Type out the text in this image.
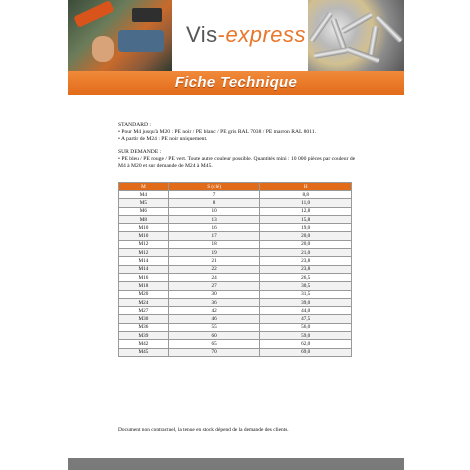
Vis-express
Fiche Technique

STANDARD :

• Pour M4 jusqu'à M20 : PE noir / PE blanc / PE gris RAL 7038 / PE marron RAL 8011.

• A partir de M24 : PE noir uniquement.

SUR DEMANDE :

• PE bleu / PE rouge / PE vert. Toute autre couleur possible. Quantités mini : 10 000 pièces par couleur de M4 à M20 et sur demande de M24 à M45.

M	S (clé)	H
M4	7	8,8
M5	8	11,0
M6	10	12,8
M8	13	15,8
M10	16	19,0
M10	17	20,0
M12	18	20,0
M12	19	21,0
M14	21	23,8
M14	22	23,8
M16	24	26,5
M18	27	30,5
M20	30	31,5
M24	36	39,0
M27	42	44,0
M30	46	47,5
M36	55	56,0
M39	60	59,0
M42	65	62,0
M45	70	69,0
Document non contractuel, la tenue en stock dépend de la demande des clients.
